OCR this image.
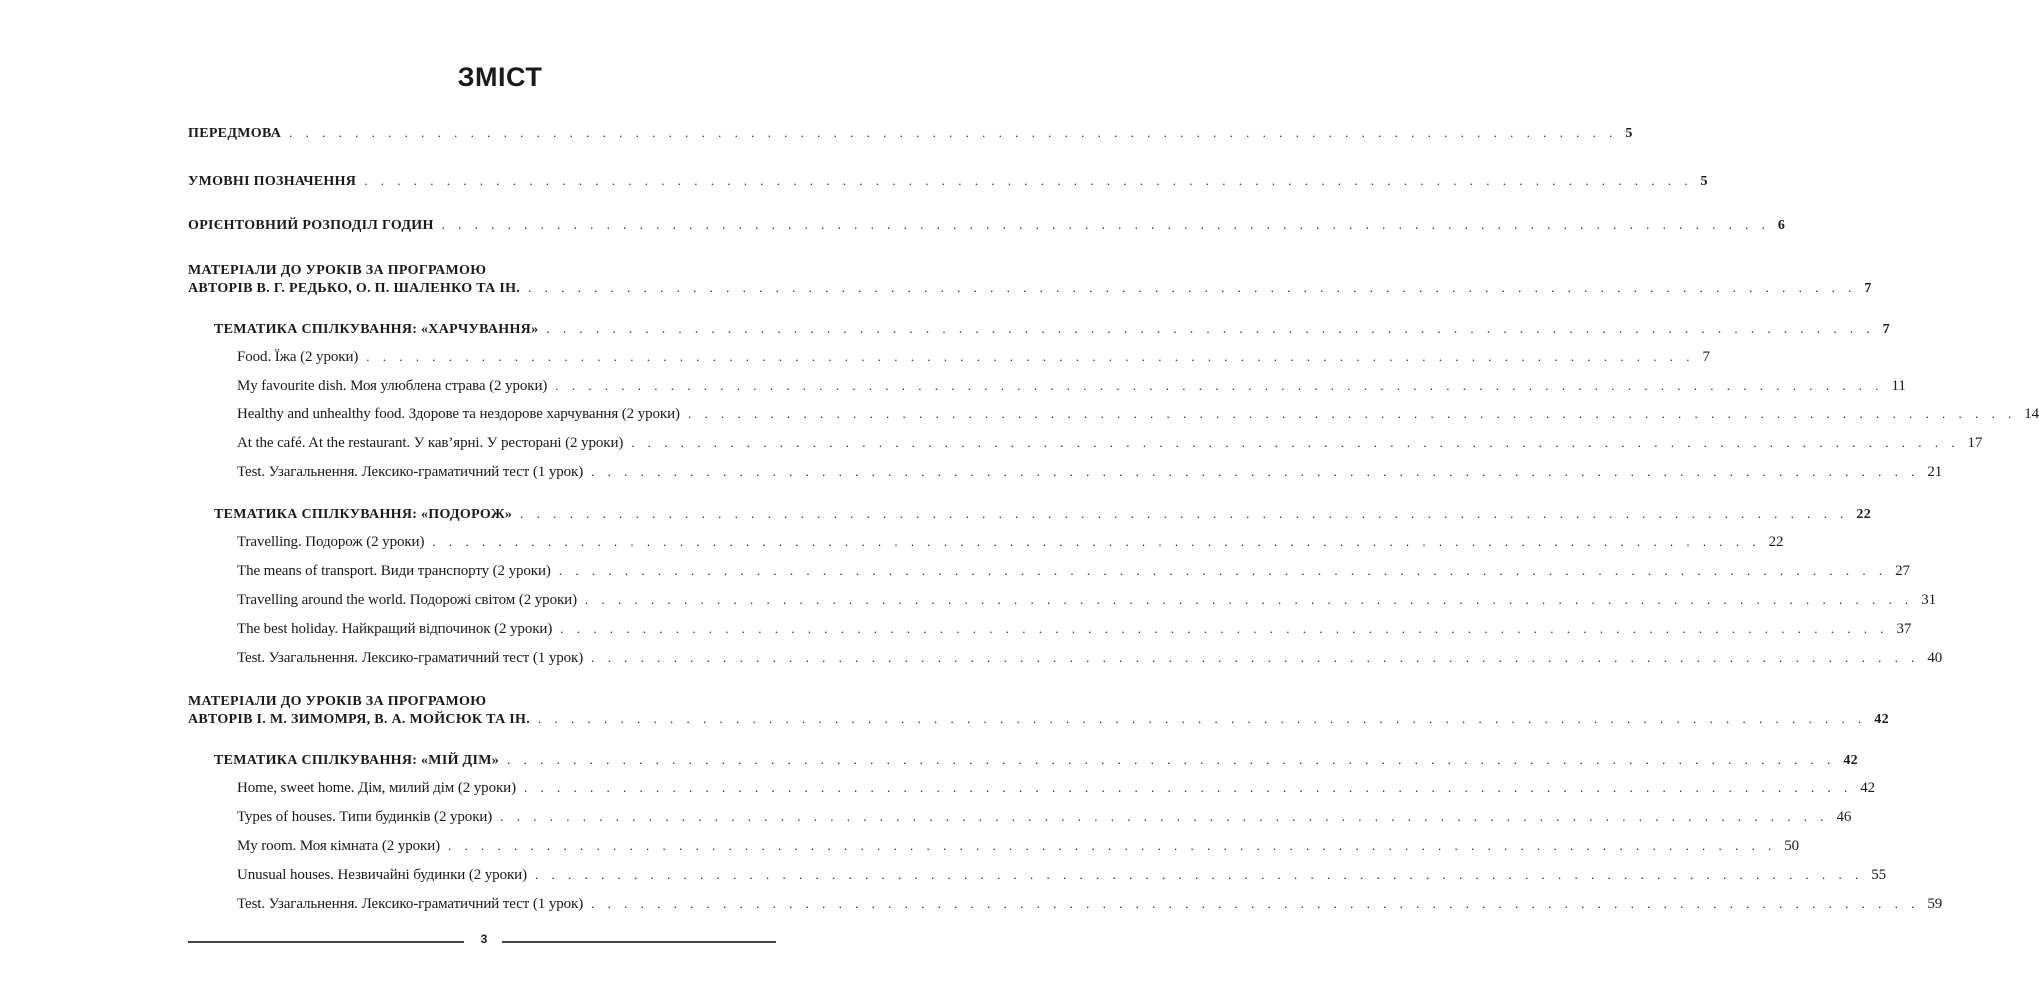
ЗМІСТ
ПЕРЕДМОВА . . . . . . . . . . . . . . . . . . . . . . . . . . . . . . . . . . . . . . . . . . . . . . . . . . . . . . . . . . . . . . . . . . . . . . . . . . . . . . . . . 5
УМОВНІ ПОЗНАЧЕННЯ . . . . . . . . . . . . . . . . . . . . . . . . . . . . . . . . . . . . . . . . . . . . . . . . . . . . . . . . . . . . . . . . . . . . . . . . . . . . . . . . . 5
ОРІЄНТОВНИЙ РОЗПОДІЛ ГОДИН . . . . . . . . . . . . . . . . . . . . . . . . . . . . . . . . . . . . . . . . . . . . . . . . . . . . . . . . . . . . . . . . . . . . . . . . . . . . . . . . . 6
МАТЕРІАЛИ ДО УРОКІВ ЗА ПРОГРАМОЮ
АВТОРІВ В. Г. РЕДЬКО, О. П. ШАЛЕНКО ТА ІН. . . . . . . . . . . . . . . . . . . . . . . . . . . . . . . . . . . . . . . . . . . . . . . . . . . . . . . . . . . . . . . . . . . . . . . . . . . . . . . . . . 7
ТЕМАТИКА СПІЛКУВАННЯ: «ХАРЧУВАННЯ» . . . . . . . . . . . . . . . . . . . . . . . . . . . . . . . . . . . . . . . . . . . . . . . . . . . . . . . . . . . . . . . . . . . . . . . . . . . . . . . . . 7
Food. Їжа (2 уроки) . . . . . . . . . . . . . . . . . . . . . . . . . . . . . . . . . . . . . . . . . . . . . . . . . . . . . . . . . . . . . . . . . . . . . . . . . . . . . . . . . 7
My favourite dish. Моя улюблена страва (2 уроки) . . . . . . . . . . . . . . . . . . . . . . . . . . . . . . . . . . . . . . . . . . . . . . . . . . . . . . . . . . . . . . . . . . . . . . . . . . . . . . . . . 11
Healthy and unhealthy food. Здорове та нездорове харчування (2 уроки) . . . . . . . . . . . . . . . . . . . . . . . . . . . . . . . . . . . . . . . . . . . . . . . . . . . . . . . . . . . . . . . . . . . . . . . . . . . . . . . . . 14
At the café. At the restaurant. У кав’ярні. У ресторані (2 уроки) . . . . . . . . . . . . . . . . . . . . . . . . . . . . . . . . . . . . . . . . . . . . . . . . . . . . . . . . . . . . . . . . . . . . . . . . . . . . . . . . . 17
Test. Узагальнення. Лексико-граматичний тест (1 урок) . . . . . . . . . . . . . . . . . . . . . . . . . . . . . . . . . . . . . . . . . . . . . . . . . . . . . . . . . . . . . . . . . . . . . . . . . . . . . . . . . 21
ТЕМАТИКА СПІЛКУВАННЯ: «ПОДОРОЖ» . . . . . . . . . . . . . . . . . . . . . . . . . . . . . . . . . . . . . . . . . . . . . . . . . . . . . . . . . . . . . . . . . . . . . . . . . . . . . . . . . 22
Travelling. Подорож (2 уроки) . . . . . . . . . . . . . . . . . . . . . . . . . . . . . . . . . . . . . . . . . . . . . . . . . . . . . . . . . . . . . . . . . . . . . . . . . . . . . . . . . 22
The means of transport. Види транспорту (2 уроки) . . . . . . . . . . . . . . . . . . . . . . . . . . . . . . . . . . . . . . . . . . . . . . . . . . . . . . . . . . . . . . . . . . . . . . . . . . . . . . . . . 27
Travelling around the world. Подорожі світом (2 уроки) . . . . . . . . . . . . . . . . . . . . . . . . . . . . . . . . . . . . . . . . . . . . . . . . . . . . . . . . . . . . . . . . . . . . . . . . . . . . . . . . . 31
The best holiday. Найкращий відпочинок (2 уроки) . . . . . . . . . . . . . . . . . . . . . . . . . . . . . . . . . . . . . . . . . . . . . . . . . . . . . . . . . . . . . . . . . . . . . . . . . . . . . . . . . 37
Test. Узагальнення. Лексико-граматичний тест (1 урок) . . . . . . . . . . . . . . . . . . . . . . . . . . . . . . . . . . . . . . . . . . . . . . . . . . . . . . . . . . . . . . . . . . . . . . . . . . . . . . . . . 40
МАТЕРІАЛИ ДО УРОКІВ ЗА ПРОГРАМОЮ
АВТОРІВ І. М. ЗИМОМРЯ, В. А. МОЙСЮК ТА ІН. . . . . . . . . . . . . . . . . . . . . . . . . . . . . . . . . . . . . . . . . . . . . . . . . . . . . . . . . . . . . . . . . . . . . . . . . . . . . . . . . . 42
ТЕМАТИКА СПІЛКУВАННЯ: «МІЙ ДІМ» . . . . . . . . . . . . . . . . . . . . . . . . . . . . . . . . . . . . . . . . . . . . . . . . . . . . . . . . . . . . . . . . . . . . . . . . . . . . . . . . . 42
Home, sweet home. Дім, милий дім (2 уроки) . . . . . . . . . . . . . . . . . . . . . . . . . . . . . . . . . . . . . . . . . . . . . . . . . . . . . . . . . . . . . . . . . . . . . . . . . . . . . . . . . 42
Types of houses. Типи будинків (2 уроки) . . . . . . . . . . . . . . . . . . . . . . . . . . . . . . . . . . . . . . . . . . . . . . . . . . . . . . . . . . . . . . . . . . . . . . . . . . . . . . . . . 46
My room. Моя кімната (2 уроки) . . . . . . . . . . . . . . . . . . . . . . . . . . . . . . . . . . . . . . . . . . . . . . . . . . . . . . . . . . . . . . . . . . . . . . . . . . . . . . . . . 50
Unusual houses. Незвичайні будинки (2 уроки) . . . . . . . . . . . . . . . . . . . . . . . . . . . . . . . . . . . . . . . . . . . . . . . . . . . . . . . . . . . . . . . . . . . . . . . . . . . . . . . . . 55
Test. Узагальнення. Лексико-граматичний тест (1 урок) . . . . . . . . . . . . . . . . . . . . . . . . . . . . . . . . . . . . . . . . . . . . . . . . . . . . . . . . . . . . . . . . . . . . . . . . . . . . . . . . . 59
3
